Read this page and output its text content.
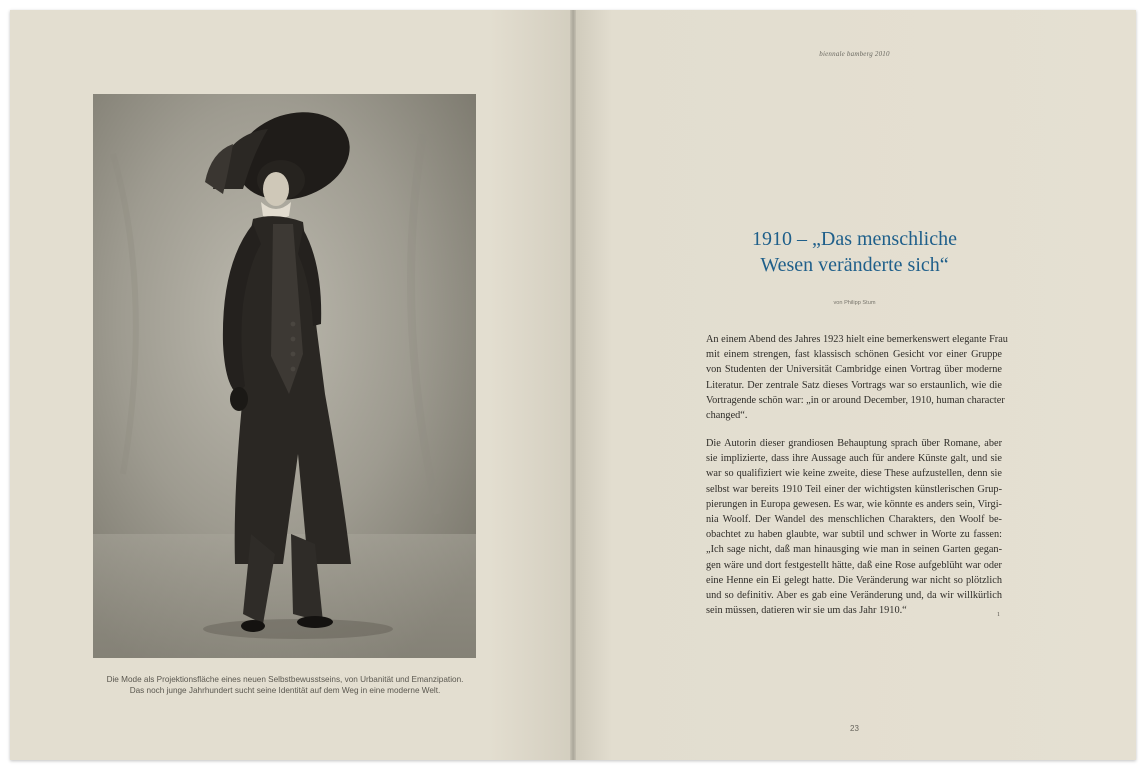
Die Mode als Projektionsfläche eines neuen Selbstbewusstseins, von Urbanität und Emanzipation.
Das noch junge Jahrhundert sucht seine Identität auf dem Weg in eine moderne Welt.
biennale bamberg 2010
1910 – „Das menschliche
Wesen veränderte sich“
von Philipp Stum
An einem Abend des Jahres 1923 hielt eine bemerkenswert elegante Frau
mit einem strengen, fast klassisch schönen Gesicht vor einer Gruppe
von Studenten der Universität Cambridge einen Vortrag über moderne
Literatur. Der zentrale Satz dieses Vortrags war so erstaunlich, wie die
Vortragende schön war: „in or around December, 1910, human character
changed“.
Die Autorin dieser grandiosen Behauptung sprach über Romane, aber
sie implizierte, dass ihre Aussage auch für andere Künste galt, und sie
war so qualifiziert wie keine zweite, diese These aufzustellen, denn sie
selbst war bereits 1910 Teil einer der wichtigsten künstlerischen Grup-
pierungen in Europa gewesen. Es war, wie könnte es anders sein, Virgi-
nia Woolf. Der Wandel des menschlichen Charakters, den Woolf be-
obachtet zu haben glaubte, war subtil und schwer in Worte zu fassen:
„Ich sage nicht, daß man hinausging wie man in seinen Garten gegan-
gen wäre und dort festgestellt hätte, daß eine Rose aufgeblüht war oder
eine Henne ein Ei gelegt hatte. Die Veränderung war nicht so plötzlich
und so definitiv. Aber es gab eine Veränderung und, da wir willkürlich
sein müssen, datieren wir sie um das Jahr 1910.“	1
23
